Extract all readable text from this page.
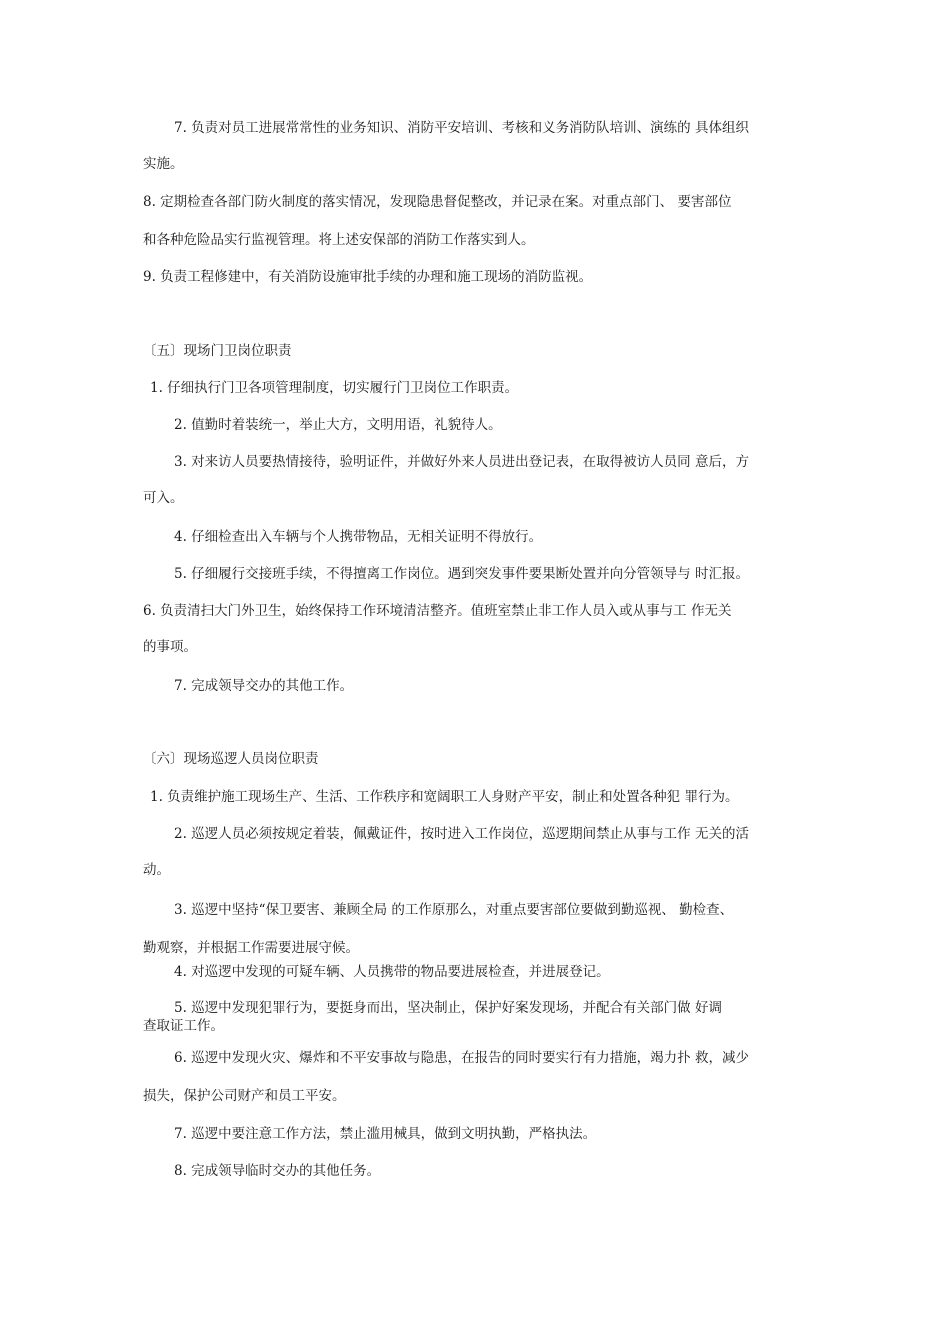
7. 负责对员工进展常常性的业务知识、消防平安培训、考核和义务消防队培训、演练的 具体组织
实施。
8. 定期检查各部门防火制度的落实情况，发现隐患督促整改，并记录在案。对重点部门、 要害部位
和各种危险品实行监视管理。将上述安保部的消防工作落实到人。
9. 负责工程修建中，有关消防设施审批手续的办理和施工现场的消防监视。
〔五〕现场门卫岗位职责
1. 仔细执行门卫各项管理制度，切实履行门卫岗位工作职责。
2. 值勤时着装统一，举止大方，文明用语，礼貌待人。
3. 对来访人员要热情接待，验明证件，并做好外来人员进出登记表，在取得被访人员同 意后，方
可入。
4. 仔细检查出入车辆与个人携带物品，无相关证明不得放行。
5. 仔细履行交接班手续，不得擅离工作岗位。遇到突发事件要果断处置并向分管领导与 时汇报。
6. 负责清扫大门外卫生，始终保持工作环境清洁整齐。值班室禁止非工作人员入或从事与工 作无关
的事项。
7. 完成领导交办的其他工作。
〔六〕现场巡逻人员岗位职责
1. 负责维护施工现场生产、生活、工作秩序和宽阔职工人身财产平安，制止和处置各种犯 罪行为。
2. 巡逻人员必须按规定着装，佩戴证件，按时进入工作岗位，巡逻期间禁止从事与工作 无关的活
动。
3. 巡逻中坚持“保卫要害、兼顾全局 的工作原那么，对重点要害部位要做到勤巡视、 勤检查、
勤观察，并根据工作需要进展守候。
4. 对巡逻中发现的可疑车辆、人员携带的物品要进展检查，并进展登记。
5. 巡逻中发现犯罪行为，要挺身而出，坚决制止，保护好案发现场，并配合有关部门做 好调
查取证工作。
6. 巡逻中发现火灾、爆炸和不平安事故与隐患，在报告的同时要实行有力措施，竭力扑 救，减少
损失，保护公司财产和员工平安。
7. 巡逻中要注意工作方法，禁止滥用械具，做到文明执勤，严格执法。
8. 完成领导临时交办的其他任务。
